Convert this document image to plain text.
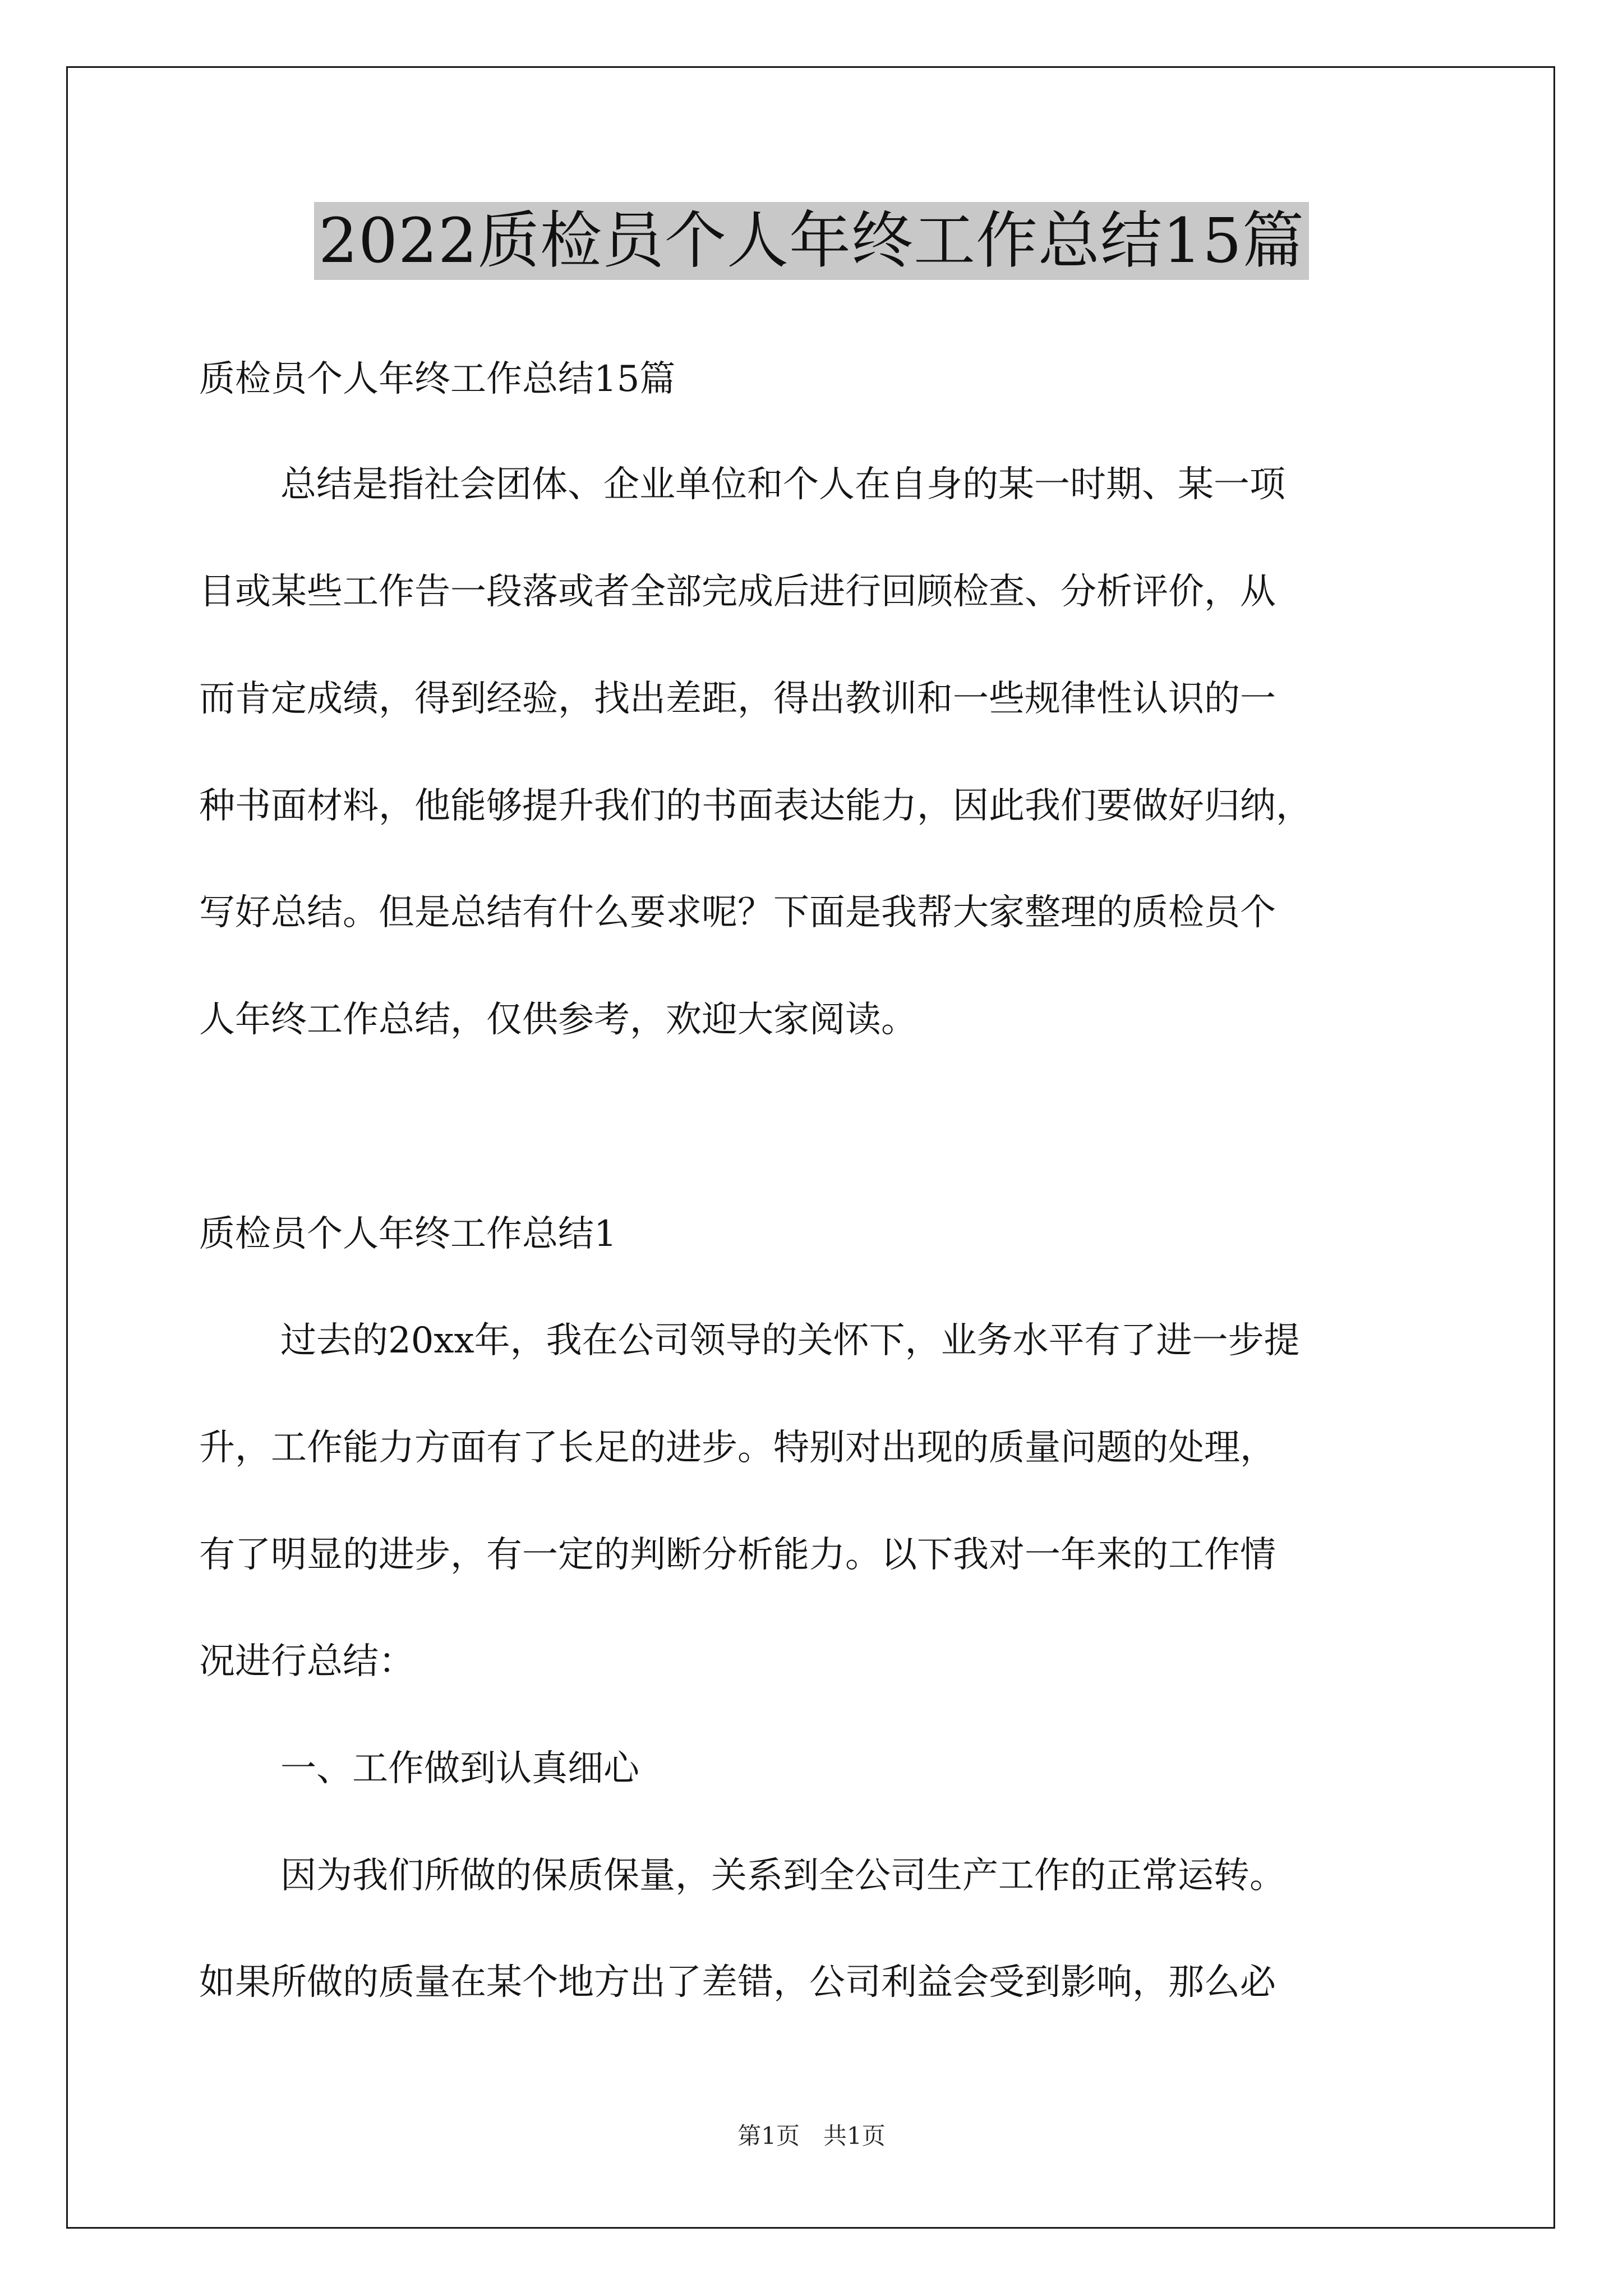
2022质检员个人年终工作总结15篇
质检员个人年终工作总结15篇
总结是指社会团体、企业单位和个人在自身的某一时期、某一项
目或某些工作告一段落或者全部完成后进行回顾检查、分析评价，从
而肯定成绩，得到经验，找出差距，得出教训和一些规律性认识的一
种书面材料，他能够提升我们的书面表达能力，因此我们要做好归纳，
写好总结。但是总结有什么要求呢？下面是我帮大家整理的质检员个
人年终工作总结，仅供参考，欢迎大家阅读。
质检员个人年终工作总结1
过去的20xx年，我在公司领导的关怀下，业务水平有了进一步提
升，工作能力方面有了长足的进步。特别对出现的质量问题的处理，
有了明显的进步，有一定的判断分析能力。以下我对一年来的工作情
况进行总结：
一、工作做到认真细心
因为我们所做的保质保量，关系到全公司生产工作的正常运转。
如果所做的质量在某个地方出了差错，公司利益会受到影响，那么必
第1页　共1页
